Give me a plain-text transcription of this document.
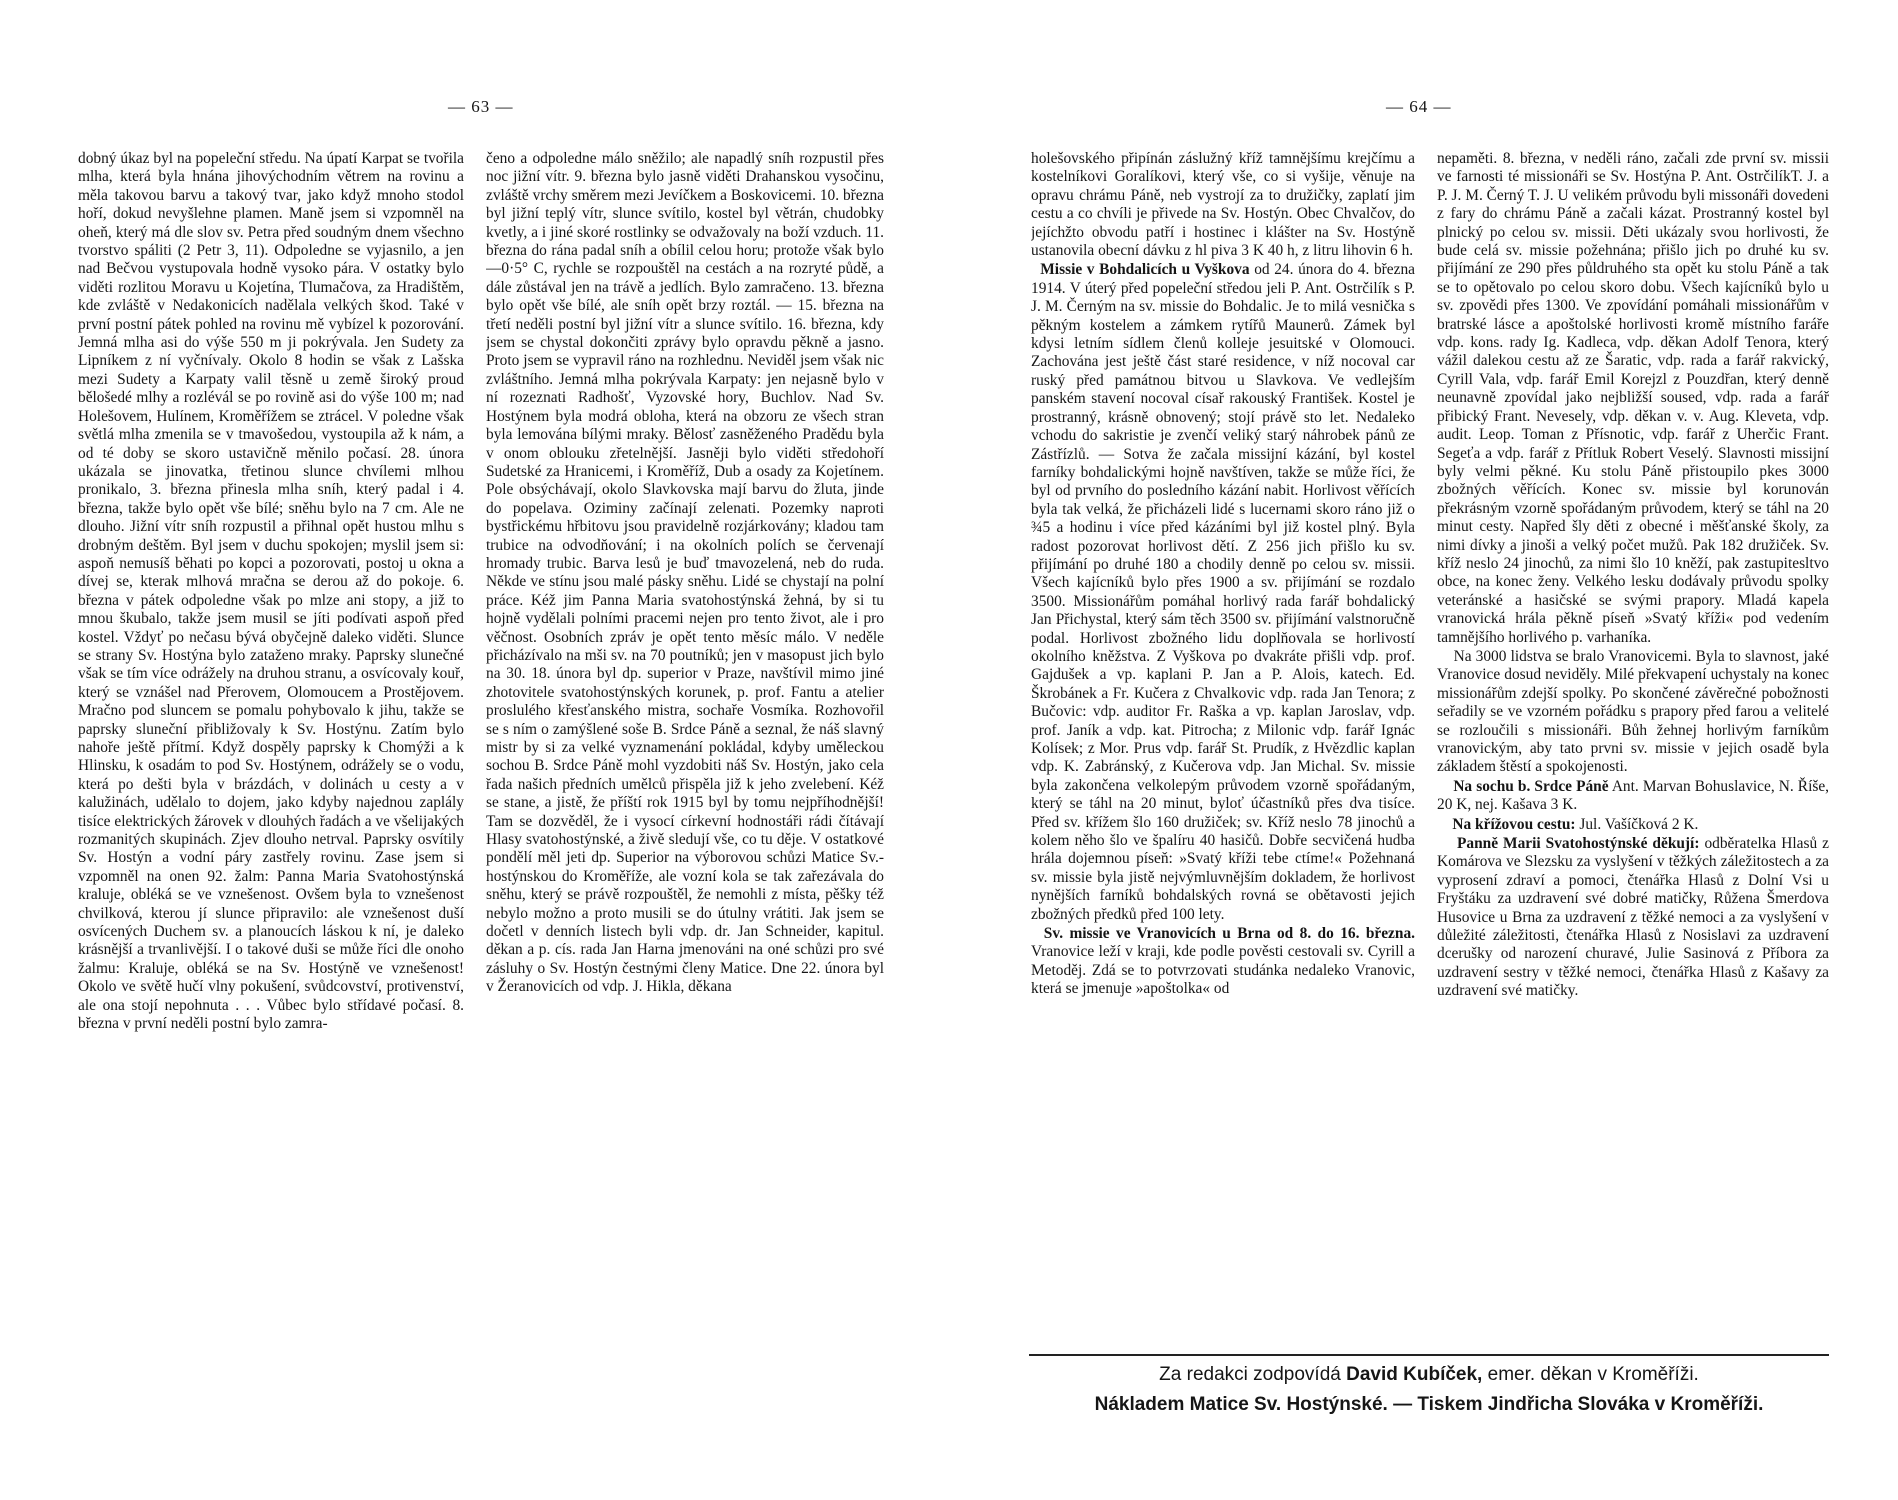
— 63 —

dobný úkaz byl na popeleční středu. Na úpatí Karpat se tvořila mlha, která byla hnána jihovýchodním větrem na rovinu a měla takovou barvu a takový tvar, jako když mnoho stodol hoří, dokud nevyšlehne plamen. Maně jsem si vzpomněl na oheň, který má dle slov sv. Petra před soudným dnem všechno tvorstvo spáliti (2 Petr 3, 11). Odpoledne se vyjasnilo, a jen nad Bečvou vystupovala hodně vysoko pára. V ostatky bylo viděti rozlitou Moravu u Kojetína, Tlumačova, za Hradištěm, kde zvláště v Nedakonicích nadělala velkých škod. Také v první postní pátek pohled na rovinu mě vybízel k pozorování. Jemná mlha asi do výše 550 m ji pokrývala. Jen Sudety za Lipníkem z ní vyčnívaly. Okolo 8 hodin se však z Lašska mezi Sudety a Karpaty valil těsně u země široký proud bělošedé mlhy a rozlévál se po rovině asi do výše 100 m; nad Holešovem, Hulínem, Kroměřížem se ztrácel. V poledne však světlá mlha zmenila se v tmavošedou, vystoupila až k nám, a od té doby se skoro ustavičně měnilo počasí. 28. února ukázala se jinovatka, třetinou slunce chvílemi mlhou pronikalo, 3. března přinesla mlha sníh, který padal i 4. března, takže bylo opět vše bílé; sněhu bylo na 7 cm. Ale ne dlouho. Jižní vítr sníh rozpustil a přihnal opět hustou mlhu s drobným deštěm. Byl jsem v duchu spokojen; myslil jsem si: aspoň nemusíš běhati po kopci a pozorovati, postoj u okna a dívej se, kterak mlhová mračna se derou až do pokoje. 6. března v pátek odpoledne však po mlze ani stopy, a již to mnou škubalo, takže jsem musil se jíti podívati aspoň před kostel. Vždyť po nečasu bývá obyčejně daleko viděti. Slunce se strany Sv. Hostýna bylo zataženo mraky. Paprsky slunečné však se tím více odrážely na druhou stranu, a osvícovaly kouř, který se vznášel nad Přerovem, Olomoucem a Prostějovem. Mračno pod sluncem se pomalu pohybovalo k jihu, takže se paprsky sluneční přibližovaly k Sv. Hostýnu. Zatím bylo nahoře ještě přítmí. Když dospěly paprsky k Chomýži a k Hlinsku, k osadám to pod Sv. Hostýnem, odrážely se o vodu, která po dešti byla v brázdách, v dolinách u cesty a v kalužinách, udělalo to dojem, jako kdyby najednou zaplály tisíce elektrických žárovek v dlouhých řadách a ve všelijakých rozmanitých skupinách. Zjev dlouho netrval. Paprsky osvítily Sv. Hostýn a vodní páry zastřely rovinu. Zase jsem si vzpomněl na onen 92. žalm: Panna Maria Svatohostýnská kraluje, obléká se ve vznešenost. Ovšem byla to vznešenost chvilková, kterou jí slunce připravilo: ale vznešenost duší osvícených Duchem sv. a planoucích láskou k ní, je daleko krásnější a trvanlivější. I o takové duši se může říci dle onoho žalmu: Kraluje, obléká se na Sv. Hostýně ve vznešenost! Okolo ve světě hučí vlny pokušení, svůdcovství, protivenství, ale ona stojí nepohnuta . . . Vůbec bylo střídavé počasí. 8. března v první neděli postní bylo zamra-

čeno a odpoledne málo sněžilo; ale napadlý sníh rozpustil přes noc jižní vítr. 9. března bylo jasně viděti Drahanskou vysočinu, zvláště vrchy směrem mezi Jevíčkem a Boskovicemi. 10. března byl jižní teplý vítr, slunce svítilo, kostel byl větrán, chudobky kvetly, a i jiné skoré rostlinky se odvažovaly na boží vzduch. 11. března do rána padal sníh a obílil celou horu; protože však bylo —0·5° C, rychle se rozpouštěl na cestách a na rozryté půdě, a dále zůstával jen na trávě a jedlích. Bylo zamračeno. 13. března bylo opět vše bílé, ale sníh opět brzy roztál. — 15. března na třetí neděli postní byl jižní vítr a slunce svítilo. 16. března, kdy jsem se chystal dokončiti zprávy bylo opravdu pěkně a jasno. Proto jsem se vypravil ráno na rozhlednu. Neviděl jsem však nic zvláštního. Jemná mlha pokrývala Karpaty: jen nejasně bylo v ní rozeznati Radhošť, Vyzovské hory, Buchlov. Nad Sv. Hostýnem byla modrá obloha, která na obzoru ze všech stran byla lemována bílými mraky. Bělosť zasněženého Pradědu byla v onom oblouku zřetelnější. Jasněji bylo viděti středohoří Sudetské za Hranicemi, i Kroměříž, Dub a osady za Kojetínem. Pole obsýchávají, okolo Slavkovska mají barvu do žluta, jinde do popelava. Oziminy začínají zelenati. Pozemky naproti bystřickému hřbitovu jsou pravidelně rozjárkovány; kladou tam trubice na odvodňování; i na okolních polích se červenají hromady trubic. Barva lesů je buď tmavozelená, neb do ruda. Někde ve stínu jsou malé pásky sněhu. Lidé se chystají na polní práce. Kéž jim Panna Maria svatohostýnská žehná, by si tu hojně vydělali polními pracemi nejen pro tento život, ale i pro věčnost. Osobních zpráv je opět tento měsíc málo. V neděle přicházívalo na mši sv. na 70 poutníků; jen v masopust jich bylo na 30. 18. února byl dp. superior v Praze, navštívil mimo jiné zhotovitele svatohostýnských korunek, p. prof. Fantu a atelier proslulého křesťanského mistra, sochaře Vosmíka. Rozhovořil se s ním o zamýšlené soše B. Srdce Páně a seznal, že náš slavný mistr by si za velké vyznamenání pokládal, kdyby uměleckou sochou B. Srdce Páně mohl vyzdobiti náš Sv. Hostýn, jako cela řada našich předních umělců přispěla již k jeho zvelebení. Kéž se stane, a jistě, že příští rok 1915 byl by tomu nejpříhodnější! Tam se dozvěděl, že i vysocí církevní hodnostáři rádi čítávají Hlasy svatohostýnské, a živě sledují vše, co tu děje. V ostatkové pondělí měl jeti dp. Superior na výborovou schůzi Matice Sv.-hostýnskou do Kroměříže, ale vozní kola se tak zařezávala do sněhu, který se právě rozpouštěl, že nemohli z místa, pěšky též nebylo možno a proto musili se do útulny vrátiti. Jak jsem se dočetl v denních listech byli vdp. dr. Jan Schneider, kapitul. děkan a p. cís. rada Jan Harna jmenováni na oné schůzi pro své zásluhy o Sv. Hostýn čestnými členy Matice. Dne 22. února byl v Žeranovicích od vdp. J. Hikla, děkana

— 64 —

holešovského připínán záslužný kříž tamnějšímu krejčímu a kostelníkovi Goralíkovi, který vše, co si vyšije, věnuje na opravu chrámu Páně, neb vystrojí za to družičky, zaplatí jim cestu a co chvíli je přivede na Sv. Hostýn. Obec Chvalčov, do jejíchžto obvodu patří i hostinec i klášter na Sv. Hostýně ustanovila obecní dávku z hl piva 3 K 40 h, z litru lihovin 6 h.

Missie v Bohdalicích u Vyškova od 24. února do 4. března 1914. V úterý před popeleční středou jeli P. Ant. Ostrčilík s P. J. M. Černým na sv. missie do Bohdalic. Je to milá vesnička s pěkným kostelem a zámkem rytířů Maunerů. Zámek byl kdysi letním sídlem členů kolleje jesuitské v Olomouci. Zachována jest ještě část staré residence, v níž nocoval car ruský před památnou bitvou u Slavkova. Ve vedlejším panském stavení nocoval císař rakouský František. Kostel je prostranný, krásně obnovený; stojí právě sto let. Nedaleko vchodu do sakristie je zvenčí veliký starý náhrobek pánů ze Zástřízlů. — Sotva že začala missijní kázání, byl kostel farníky bohdalickými hojně navštíven, takže se může říci, že byl od prvního do posledního kázání nabit. Horlivost věřících byla tak velká, že přicházeli lidé s lucernami skoro ráno již o ¾5 a hodinu i více před kázáními byl již kostel plný. Byla radost pozorovat horlivost dětí. Z 256 jich přišlo ku sv. přijímání po druhé 180 a chodily denně po celou sv. missii. Všech kajícníků bylo přes 1900 a sv. přijímání se rozdalo 3500. Missionářům pomáhal horlivý rada farář bohdalický Jan Přichystal, který sám těch 3500 sv. přijímání valstnoručně podal. Horlivost zbožného lidu doplňovala se horlivostí okolního kněžstva. Z Vyškova po dvakráte přišli vdp. prof. Gajdušek a vp. kaplani P. Jan a P. Alois, katech. Ed. Škrobánek a Fr. Kučera z Chvalkovic vdp. rada Jan Tenora; z Bučovic: vdp. auditor Fr. Raška a vp. kaplan Jaroslav, vdp. prof. Janík a vdp. kat. Pitrocha; z Milonic vdp. farář Ignác Kolísek; z Mor. Prus vdp. farář St. Prudík, z Hvězdlic kaplan vdp. K. Zabránský, z Kučerova vdp. Jan Michal. Sv. missie byla zakončena velkolepým průvodem vzorně spořádaným, který se táhl na 20 minut, byloť účastníků přes dva tisíce. Před sv. křížem šlo 160 družiček; sv. Kříž neslo 78 jinochů a kolem něho šlo ve špalíru 40 hasičů. Dobře secvičená hudba hrála dojemnou píseň: »Svatý kříži tebe ctíme!« Požehnaná sv. missie byla jistě nejvýmluvnějším dokladem, že horlivost nynějších farníků bohdalských rovná se obětavosti jejich zbožných předků před 100 lety.

Sv. missie ve Vranovicích u Brna od 8. do 16. března. Vranovice leží v kraji, kde podle pověsti cestovali sv. Cyrill a Metoděj. Zdá se to potvrzovati studánka nedaleko Vranovic, která se jmenuje »apoštolka« od

nepaměti. 8. března, v neděli ráno, začali zde první sv. missii ve farnosti té missionáři se Sv. Hostýna P. Ant. OstrčilíkT. J. a P. J. M. Černý T. J. U velikém průvodu byli missonáři dovedeni z fary do chrámu Páně a začali kázat. Prostranný kostel byl plnický po celou sv. missii. Děti ukázaly svou horlivosti, že bude celá sv. missie požehnána; přišlo jich po druhé ku sv. přijímání ze 290 přes půldruhého sta opět ku stolu Páně a tak se to opětovalo po celou skoro dobu. Všech kajícníků bylo u sv. zpovědi přes 1300. Ve zpovídání pomáhali missionářům v bratrské lásce a apoštolské horlivosti kromě místního faráře vdp. kons. rady Ig. Kadleca, vdp. děkan Adolf Tenora, který vážil dalekou cestu až ze Šaratic, vdp. rada a farář rakvický, Cyrill Vala, vdp. farář Emil Korejzl z Pouzdřan, který denně neunavně zpovídal jako nejbližší soused, vdp. rada a farář přibický Frant. Nevesely, vdp. děkan v. v. Aug. Kleveta, vdp. audit. Leop. Toman z Přísnotic, vdp. farář z Uherčic Frant. Segeťa a vdp. farář z Přítluk Robert Veselý. Slavnosti missijní byly velmi pěkné. Ku stolu Páně přistoupilo pkes 3000 zbožných věřících. Konec sv. missie byl korunován překrásným vzorně spořádaným průvodem, který se táhl na 20 minut cesty. Napřed šly děti z obecné i měšťanské školy, za nimi dívky a jinoši a velký počet mužů. Pak 182 družiček. Sv. kříž neslo 24 jinochů, za nimi šlo 10 kněží, pak zastupitesltvo obce, na konec ženy. Velkého lesku dodávaly průvodu spolky veteránské a hasičské se svými prapory. Mladá kapela vranovická hrála pěkně píseň »Svatý kříži« pod vedením tamnějšího horlivého p. varhaníka.

Na 3000 lidstva se bralo Vranovicemi. Byla to slavnost, jaké Vranovice dosud neviděly. Milé překvapení uchystaly na konec missionářům zdejší spolky. Po skončené závěrečné pobožnosti seřadily se ve vzorném pořádku s prapory před farou a velitelé se rozloučili s missionáři. Bůh žehnej horlivým farníkům vranovickým, aby tato prvni sv. missie v jejich osadě byla základem štěstí a spokojenosti.

Na sochu b. Srdce Páně Ant. Marvan Bohuslavice, N. Říše, 20 K, nej. Kašava 3 K.

Na křížovou cestu: Jul. Vašíčková 2 K.

Panně Marii Svatohostýnské děkují: odběratelka Hlasů z Komárova ve Slezsku za vyslyšení v těžkých záležitostech a za vyprosení zdraví a pomoci, čtenářka Hlasů z Dolní Vsi u Fryštáku za uzdravení své dobré matičky, Růžena Šmerdova Husovice u Brna za uzdravení z těžké nemoci a za vyslyšení v důležité záležitosti, čtenářka Hlasů z Nosislavi za uzdravení dcerušky od narození churavé, Julie Sasinová z Příbora za uzdravení sestry v těžké nemoci, čtenářka Hlasů z Kašavy za uzdravení své matičky.

Za redakci zodpovídá David Kubíček, emer. děkan v Kroměříži.
Nákladem Matice Sv. Hostýnské. — Tiskem Jindřicha Slováka v Kroměříži.
